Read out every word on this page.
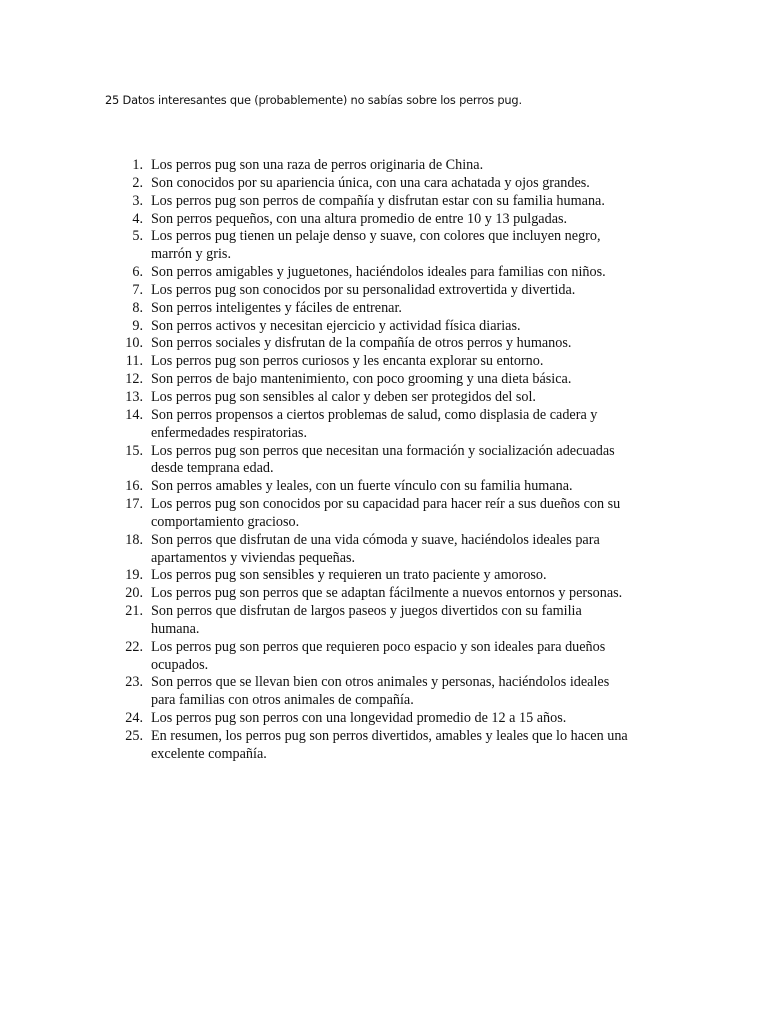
25 Datos interesantes que (probablemente) no sabías sobre los perros pug.
1. Los perros pug son una raza de perros originaria de China.
2. Son conocidos por su apariencia única, con una cara achatada y ojos grandes.
3. Los perros pug son perros de compañía y disfrutan estar con su familia humana.
4. Son perros pequeños, con una altura promedio de entre 10 y 13 pulgadas.
5. Los perros pug tienen un pelaje denso y suave, con colores que incluyen negro,
marrón y gris.
6. Son perros amigables y juguetones, haciéndolos ideales para familias con niños.
7. Los perros pug son conocidos por su personalidad extrovertida y divertida.
8. Son perros inteligentes y fáciles de entrenar.
9. Son perros activos y necesitan ejercicio y actividad física diarias.
10. Son perros sociales y disfrutan de la compañía de otros perros y humanos.
11. Los perros pug son perros curiosos y les encanta explorar su entorno.
12. Son perros de bajo mantenimiento, con poco grooming y una dieta básica.
13. Los perros pug son sensibles al calor y deben ser protegidos del sol.
14. Son perros propensos a ciertos problemas de salud, como displasia de cadera y
enfermedades respiratorias.
15. Los perros pug son perros que necesitan una formación y socialización adecuadas
desde temprana edad.
16. Son perros amables y leales, con un fuerte vínculo con su familia humana.
17. Los perros pug son conocidos por su capacidad para hacer reír a sus dueños con su
comportamiento gracioso.
18. Son perros que disfrutan de una vida cómoda y suave, haciéndolos ideales para
apartamentos y viviendas pequeñas.
19. Los perros pug son sensibles y requieren un trato paciente y amoroso.
20. Los perros pug son perros que se adaptan fácilmente a nuevos entornos y personas.
21. Son perros que disfrutan de largos paseos y juegos divertidos con su familia
humana.
22. Los perros pug son perros que requieren poco espacio y son ideales para dueños
ocupados.
23. Son perros que se llevan bien con otros animales y personas, haciéndolos ideales
para familias con otros animales de compañía.
24. Los perros pug son perros con una longevidad promedio de 12 a 15 años.
25. En resumen, los perros pug son perros divertidos, amables y leales que lo hacen una
excelente compañía.
